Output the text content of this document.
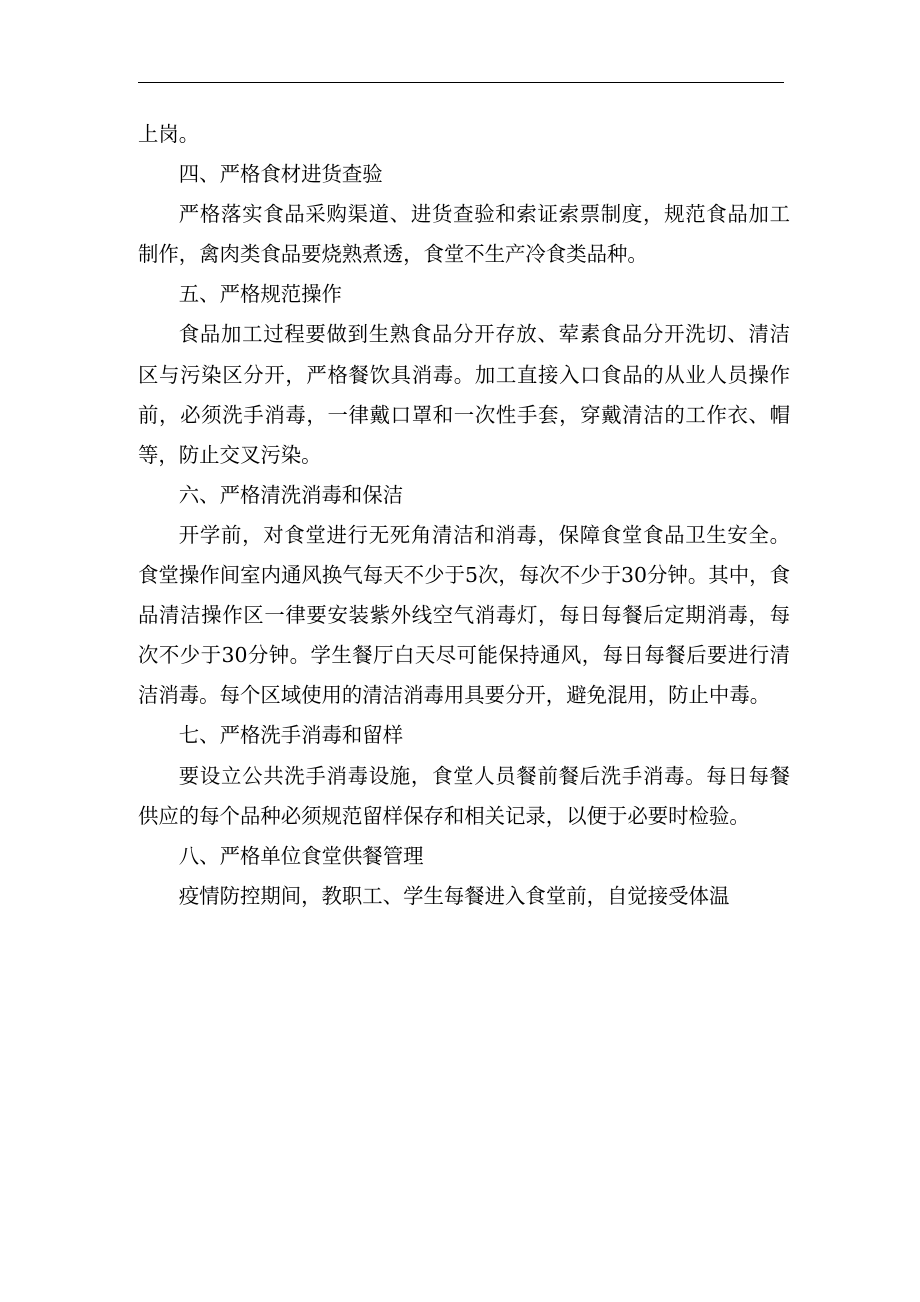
上岗。

四、严格食材进货查验

严格落实食品采购渠道、进货查验和索证索票制度，规范食品加工制作，禽肉类食品要烧熟煮透，食堂不生产冷食类品种。

五、严格规范操作

食品加工过程要做到生熟食品分开存放、荤素食品分开洗切、清洁区与污染区分开，严格餐饮具消毒。加工直接入口食品的从业人员操作前，必须洗手消毒，一律戴口罩和一次性手套，穿戴清洁的工作衣、帽等，防止交叉污染。

六、严格清洗消毒和保洁

开学前，对食堂进行无死角清洁和消毒，保障食堂食品卫生安全。食堂操作间室内通风换气每天不少于5次，每次不少于30分钟。其中，食品清洁操作区一律要安装紫外线空气消毒灯，每日每餐后定期消毒，每次不少于30分钟。学生餐厅白天尽可能保持通风，每日每餐后要进行清洁消毒。每个区域使用的清洁消毒用具要分开，避免混用，防止中毒。

七、严格洗手消毒和留样

要设立公共洗手消毒设施，食堂人员餐前餐后洗手消毒。每日每餐供应的每个品种必须规范留样保存和相关记录，以便于必要时检验。

八、严格单位食堂供餐管理

疫情防控期间，教职工、学生每餐进入食堂前，自觉接受体温
